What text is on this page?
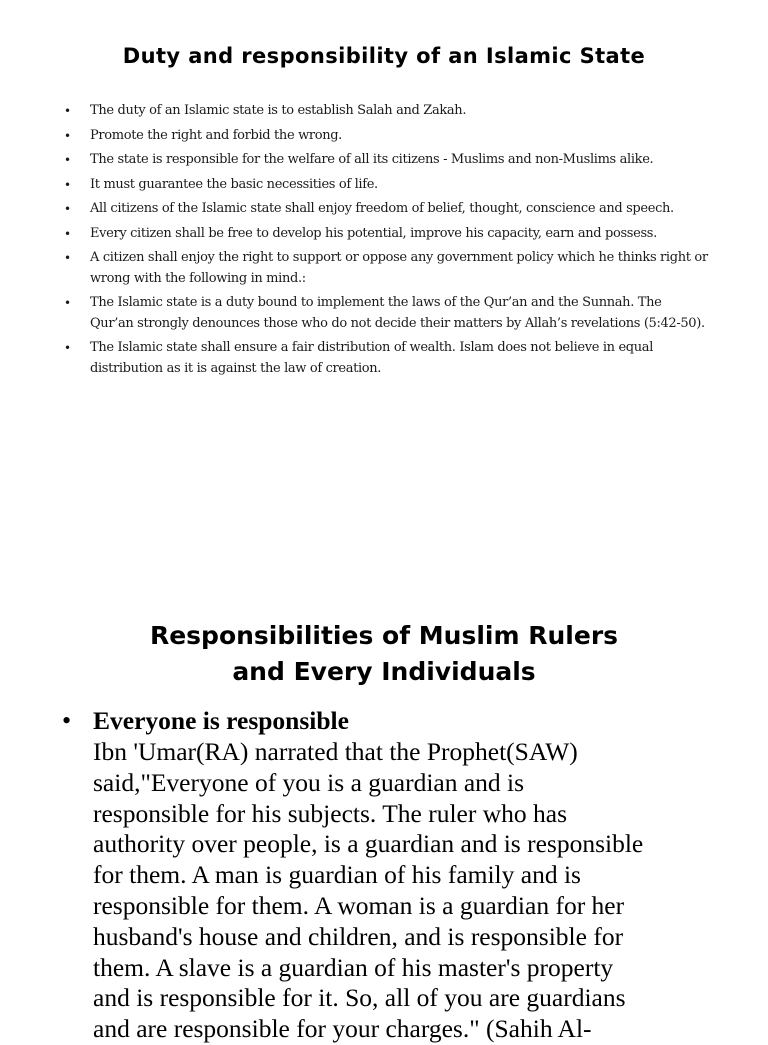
Duty and responsibility of an Islamic State
• The duty of an Islamic state is to establish Salah and Zakah.
• Promote the right and forbid the wrong.
• The state is responsible for the welfare of all its citizens - Muslims and non-Muslims alike.
• It must guarantee the basic necessities of life.
• All citizens of the Islamic state shall enjoy freedom of belief, thought, conscience and speech.
• Every citizen shall be free to develop his potential, improve his capacity, earn and possess.
• A citizen shall enjoy the right to support or oppose any government policy which he thinks right or wrong with the following in mind.:
• The Islamic state is a duty bound to implement the laws of the Qur’an and the Sunnah. The Qur’an strongly denounces those who do not decide their matters by Allah’s revelations (5:42-50).
• The Islamic state shall ensure a fair distribution of wealth. Islam does not believe in equal distribution as it is against the law of creation.
Responsibilities of Muslim Rulers
and Every Individuals
• Everyone is responsible
Ibn 'Umar(RA) narrated that the Prophet(SAW)
said,"Everyone of you is a guardian and is
responsible for his subjects. The ruler who has
authority over people, is a guardian and is responsible
for them. A man is guardian of his family and is
responsible for them. A woman is a guardian for her
husband's house and children, and is responsible for
them. A slave is a guardian of his master's property
and is responsible for it. So, all of you are guardians
and are responsible for your charges." (Sahih Al-
